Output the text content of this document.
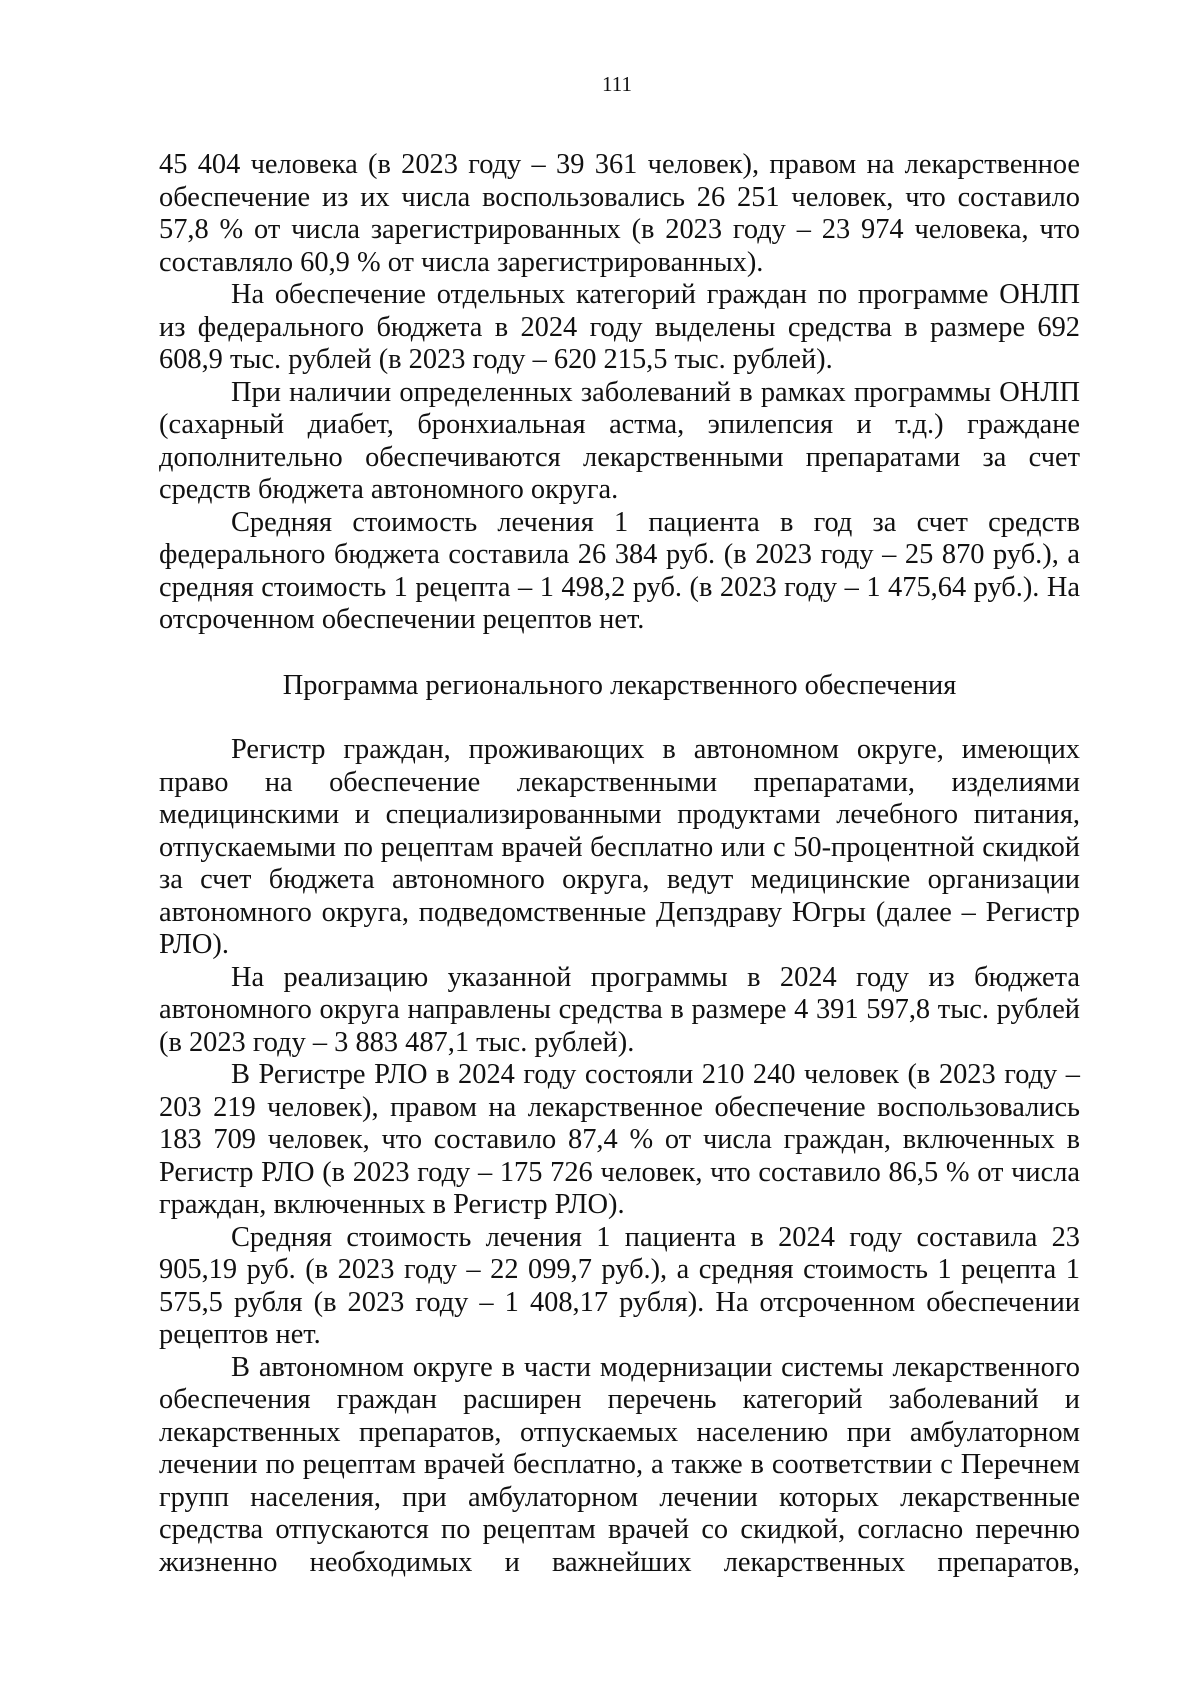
111

45 404 человека (в 2023 году – 39 361 человек), правом на лекарственное обеспечение из их числа воспользовались 26 251 человек, что составило 57,8 % от числа зарегистрированных (в 2023 году – 23 974 человека, что составляло 60,9 % от числа зарегистрированных).

На обеспечение отдельных категорий граждан по программе ОНЛП из федерального бюджета в 2024 году выделены средства в размере 692 608,9 тыс. рублей (в 2023 году – 620 215,5 тыс. рублей).

При наличии определенных заболеваний в рамках программы ОНЛП (сахарный диабет, бронхиальная астма, эпилепсия и т.д.) граждане дополнительно обеспечиваются лекарственными препаратами за счет средств бюджета автономного округа.

Средняя стоимость лечения 1 пациента в год за счет средств федерального бюджета составила 26 384 руб. (в 2023 году – 25 870 руб.), а средняя стоимость 1 рецепта – 1 498,2 руб. (в 2023 году – 1 475,64 руб.). На отсроченном обеспечении рецептов нет.

Программа регионального лекарственного обеспечения

Регистр граждан, проживающих в автономном округе, имеющих право на обеспечение лекарственными препаратами, изделиями медицинскими и специализированными продуктами лечебного питания, отпускаемыми по рецептам врачей бесплатно или с 50-процентной скидкой за счет бюджета автономного округа, ведут медицинские организации автономного округа, подведомственные Депздраву Югры (далее – Регистр РЛО).

На реализацию указанной программы в 2024 году из бюджета автономного округа направлены средства в размере 4 391 597,8 тыс. рублей (в 2023 году – 3 883 487,1 тыс. рублей).

В Регистре РЛО в 2024 году состояли 210 240 человек (в 2023 году – 203 219 человек), правом на лекарственное обеспечение воспользовались 183 709 человек, что составило 87,4 % от числа граждан, включенных в Регистр РЛО (в 2023 году – 175 726 человек, что составило 86,5 % от числа граждан, включенных в Регистр РЛО).

Средняя стоимость лечения 1 пациента в 2024 году составила 23 905,19 руб. (в 2023 году – 22 099,7 руб.), а средняя стоимость 1 рецепта 1 575,5 рубля (в 2023 году – 1 408,17 рубля). На отсроченном обеспечении рецептов нет.

В автономном округе в части модернизации системы лекарственного обеспечения граждан расширен перечень категорий заболеваний и лекарственных препаратов, отпускаемых населению при амбулаторном лечении по рецептам врачей бесплатно, а также в соответствии с Перечнем групп населения, при амбулаторном лечении которых лекарственные средства отпускаются по рецептам врачей со скидкой, согласно перечню жизненно необходимых и важнейших лекарственных препаратов,
